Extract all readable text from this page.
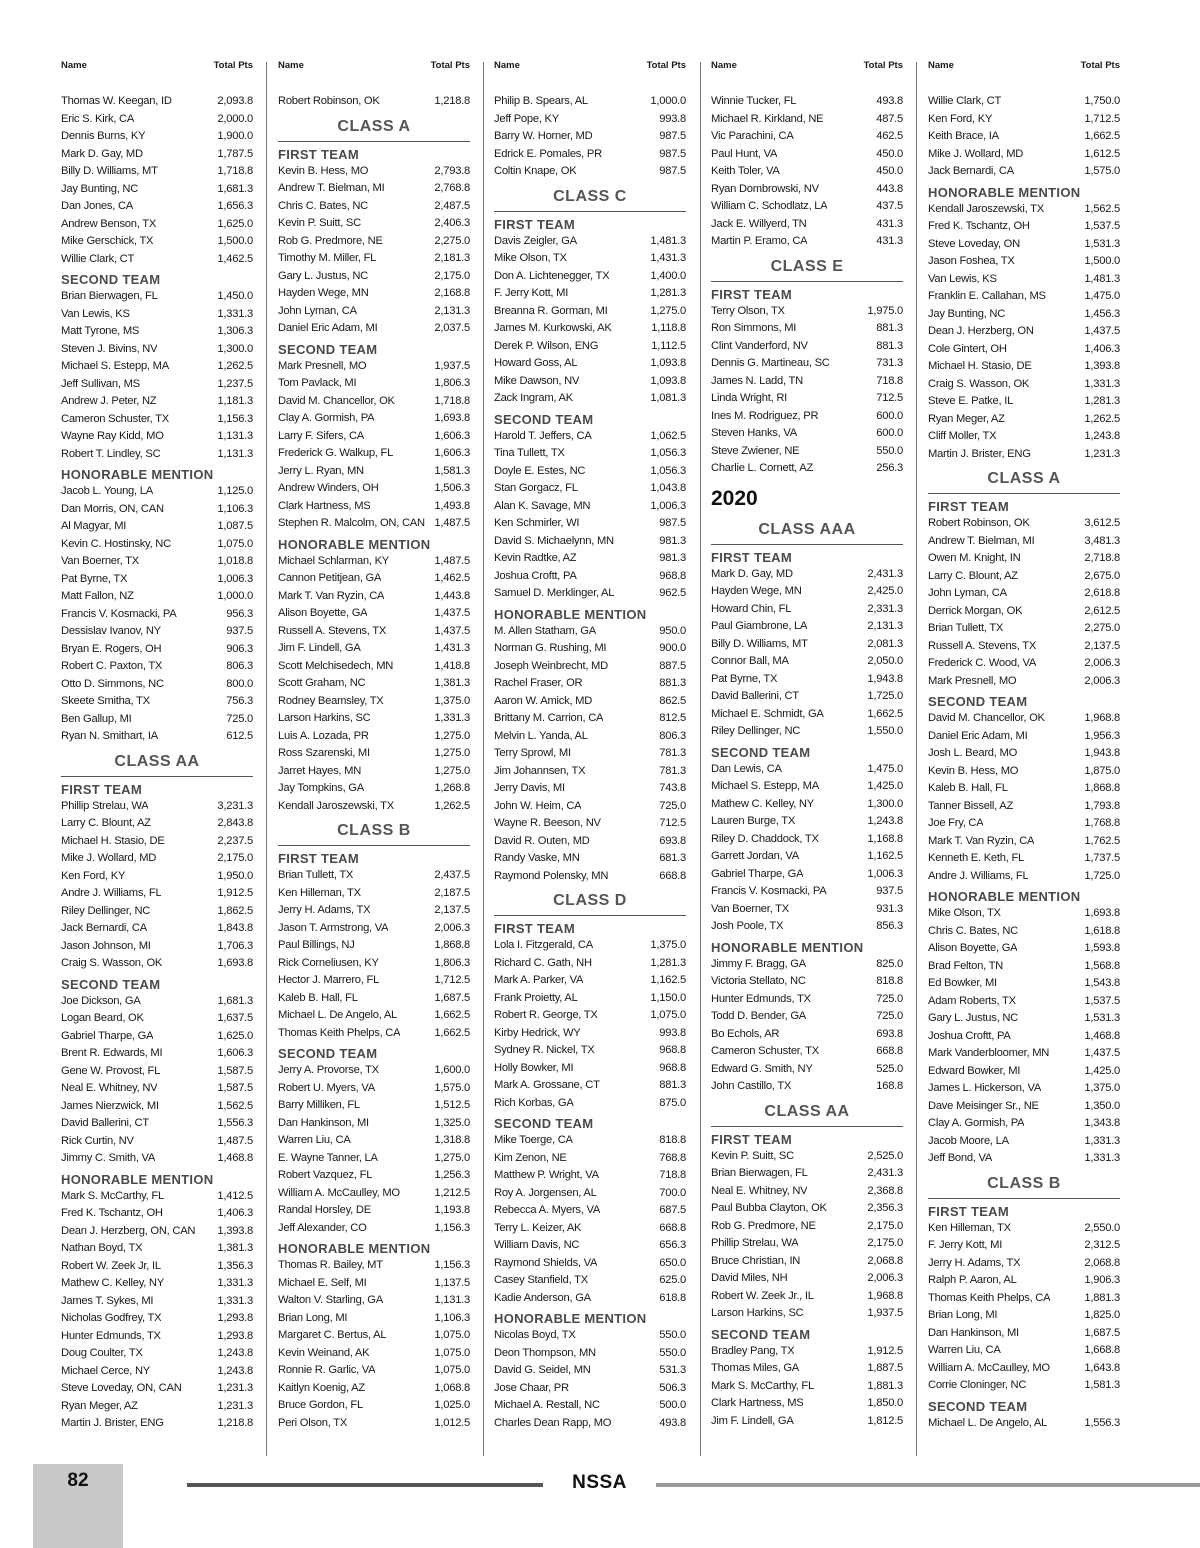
Name	Total Pts
Thomas W. Keegan, ID	2,093.8
Eric S. Kirk, CA	2,000.0
Dennis Burns, KY	1,900.0
Mark D. Gay, MD	1,787.5
Billy D. Williams, MT	1,718.8
Jay Bunting, NC	1,681.3
Dan Jones, CA	1,656.3
Andrew Benson, TX	1,625.0
Mike Gerschick, TX	1,500.0
Willie Clark, CT	1,462.5
SECOND TEAM
Brian Bierwagen, FL	1,450.0
Van Lewis, KS	1,331.3
Matt Tyrone, MS	1,306.3
Steven J. Bivins, NV	1,300.0
Michael S. Estepp, MA	1,262.5
Jeff Sullivan, MS	1,237.5
Andrew J. Peter, NZ	1,181.3
Cameron Schuster, TX	1,156.3
Wayne Ray Kidd, MO	1,131.3
Robert T. Lindley, SC	1,131.3
HONORABLE MENTION
Jacob L. Young, LA	1,125.0
Dan Morris, ON, CAN	1,106.3
Al Magyar, MI	1,087.5
Kevin C. Hostinsky, NC	1,075.0
Van Boerner, TX	1,018.8
Pat Byrne, TX	1,006.3
Matt Fallon, NZ	1,000.0
Francis V. Kosmacki, PA	956.3
Dessislav Ivanov, NY	937.5
Bryan E. Rogers, OH	906.3
Robert C. Paxton, TX	806.3
Otto D. Simmons, NC	800.0
Skeete Smitha, TX	756.3
Ben Gallup, MI	725.0
Ryan N. Smithart, IA	612.5
CLASS AA
FIRST TEAM
Phillip Strelau, WA	3,231.3
Larry C. Blount, AZ	2,843.8
Michael H. Stasio, DE	2,237.5
Mike J. Wollard, MD	2,175.0
Ken Ford, KY	1,950.0
Andre J. Williams, FL	1,912.5
Riley Dellinger, NC	1,862.5
Jack Bernardi, CA	1,843.8
Jason Johnson, MI	1,706.3
Craig S. Wasson, OK	1,693.8
SECOND TEAM
Joe Dickson, GA	1,681.3
Logan Beard, OK	1,637.5
Gabriel Tharpe, GA	1,625.0
Brent R. Edwards, MI	1,606.3
Gene W. Provost, FL	1,587.5
Neal E. Whitney, NV	1,587.5
James Nierzwick, MI	1,562.5
David Ballerini, CT	1,556.3
Rick Curtin, NV	1,487.5
Jimmy C. Smith, VA	1,468.8
HONORABLE MENTION
Mark S. McCarthy, FL	1,412.5
Fred K. Tschantz, OH	1,406.3
Dean J. Herzberg, ON, CAN 1,393.8
Nathan Boyd, TX	1,381.3
Robert W. Zeek Jr, IL	1,356.3
Mathew C. Kelley, NY	1,331.3
James T. Sykes, MI	1,331.3
Nicholas Godfrey, TX	1,293.8
Hunter Edmunds, TX	1,293.8
Doug Coulter, TX	1,243.8
Michael Cerce, NY	1,243.8
Steve Loveday, ON, CAN	1,231.3
Ryan Meger, AZ	1,231.3
Martin J. Brister, ENG	1,218.8
Name	Total Pts
Robert Robinson, OK	1,218.8
CLASS A
FIRST TEAM
Kevin B. Hess, MO	2,793.8
Andrew T. Bielman, MI	2,768.8
Chris C. Bates, NC	2,487.5
Kevin P. Suitt, SC	2,406.3
Rob G. Predmore, NE	2,275.0
Timothy M. Miller, FL	2,181.3
Gary L. Justus, NC	2,175.0
Hayden Wege, MN	2,168.8
John Lyman, CA	2,131.3
Daniel Eric Adam, MI	2,037.5
SECOND TEAM
Mark Presnell, MO	1,937.5
Tom Pavlack, MI	1,806.3
David M. Chancellor, OK	1,718.8
Clay A. Gormish, PA	1,693.8
Larry F. Sifers, CA	1,606.3
Frederick G. Walkup, FL	1,606.3
Jerry L. Ryan, MN	1,581.3
Andrew Winders, OH	1,506.3
Clark Hartness, MS	1,493.8
Stephen R. Malcolm, ON, CAN 1,487.5
HONORABLE MENTION
Michael Schlarman, KY	1,487.5
Cannon Petitjean, GA	1,462.5
Mark T. Van Ryzin, CA	1,443.8
Alison Boyette, GA	1,437.5
Russell A. Stevens, TX	1,437.5
Jim F. Lindell, GA	1,431.3
Scott Melchisedech, MN	1,418.8
Scott Graham, NC	1,381.3
Rodney Beamsley, TX	1,375.0
Larson Harkins, SC	1,331.3
Luis A. Lozada, PR	1,275.0
Ross Szarenski, MI	1,275.0
Jarret Hayes, MN	1,275.0
Jay Tompkins, GA	1,268.8
Kendall Jaroszewski, TX	1,262.5
CLASS B
FIRST TEAM
Brian Tullett, TX	2,437.5
Ken Hilleman, TX	2,187.5
Jerry H. Adams, TX	2,137.5
Jason T. Armstrong, VA	2,006.3
Paul Billings, NJ	1,868.8
Rick Corneliusen, KY	1,806.3
Hector J. Marrero, FL	1,712.5
Kaleb B. Hall, FL	1,687.5
Michael L. De Angelo, AL	1,662.5
Thomas Keith Phelps, CA	1,662.5
SECOND TEAM
Jerry A. Provorse, TX	1,600.0
Robert U. Myers, VA	1,575.0
Barry Milliken, FL	1,512.5
Dan Hankinson, MI	1,325.0
Warren Liu, CA	1,318.8
E. Wayne Tanner, LA	1,275.0
Robert Vazquez, FL	1,256.3
William A. McCaulley, MO	1,212.5
Randal Horsley, DE	1,193.8
Jeff Alexander, CO	1,156.3
HONORABLE MENTION
Thomas R. Bailey, MT	1,156.3
Michael E. Self, MI	1,137.5
Walton V. Starling, GA	1,131.3
Brian Long, MI	1,106.3
Margaret C. Bertus, AL	1,075.0
Kevin Weinand, AK	1,075.0
Ronnie R. Garlic, VA	1,075.0
Kaitlyn Koenig, AZ	1,068.8
Bruce Gordon, FL	1,025.0
Peri Olson, TX	1,012.5
Name	Total Pts
Philip B. Spears, AL	1,000.0
Jeff Pope, KY	993.8
Barry W. Horner, MD	987.5
Edrick E. Pomales, PR	987.5
Coltin Knape, OK	987.5
CLASS C
FIRST TEAM
Davis Zeigler, GA	1,481.3
Mike Olson, TX	1,431.3
Don A. Lichtenegger, TX	1,400.0
F. Jerry Kott, MI	1,281.3
Breanna R. Gorman, MI	1,275.0
James M. Kurkowski, AK	1,118.8
Derek P. Wilson, ENG	1,112.5
Howard Goss, AL	1,093.8
Mike Dawson, NV	1,093.8
Zack Ingram, AK	1,081.3
SECOND TEAM
Harold T. Jeffers, CA	1,062.5
Tina Tullett, TX	1,056.3
Doyle E. Estes, NC	1,056.3
Stan Gorgacz, FL	1,043.8
Alan K. Savage, MN	1,006.3
Ken Schmirler, WI	987.5
David S. Michaelynn, MN	981.3
Kevin Radtke, AZ	981.3
Joshua Croftt, PA	968.8
Samuel D. Merklinger, AL	962.5
HONORABLE MENTION
M. Allen Statham, GA	950.0
Norman G. Rushing, MI	900.0
Joseph Weinbrecht, MD	887.5
Rachel Fraser, OR	881.3
Aaron W. Amick, MD	862.5
Brittany M. Carrion, CA	812.5
Melvin L. Yanda, AL	806.3
Terry Sprowl, MI	781.3
Jim Johannsen, TX	781.3
Jerry Davis, MI	743.8
John W. Heim, CA	725.0
Wayne R. Beeson, NV	712.5
David R. Outen, MD	693.8
Randy Vaske, MN	681.3
Raymond Polensky, MN	668.8
CLASS D
FIRST TEAM
Lola I. Fitzgerald, CA	1,375.0
Richard C. Gath, NH	1,281.3
Mark A. Parker, VA	1,162.5
Frank Proietty, AL	1,150.0
Robert R. George, TX	1,075.0
Kirby Hedrick, WY	993.8
Sydney R. Nickel, TX	968.8
Holly Bowker, MI	968.8
Mark A. Grossane, CT	881.3
Rich Korbas, GA	875.0
SECOND TEAM
Mike Toerge, CA	818.8
Kim Zenon, NE	768.8
Matthew P. Wright, VA	718.8
Roy A. Jorgensen, AL	700.0
Rebecca A. Myers, VA	687.5
Terry L. Keizer, AK	668.8
William Davis, NC	656.3
Raymond Shields, VA	650.0
Casey Stanfield, TX	625.0
Kadie Anderson, GA	618.8
HONORABLE MENTION
Nicolas Boyd, TX	550.0
Deon Thompson, MN	550.0
David G. Seidel, MN	531.3
Jose Chaar, PR	506.3
Michael A. Restall, NC	500.0
Charles Dean Rapp, MO	493.8
Name	Total Pts
Winnie Tucker, FL	493.8
Michael R. Kirkland, NE	487.5
Vic Parachini, CA	462.5
Paul Hunt, VA	450.0
Keith Toler, VA	450.0
Ryan Dombrowski, NV	443.8
William C. Schodlatz, LA	437.5
Jack E. Willyerd, TN	431.3
Martin P. Eramo, CA	431.3
CLASS E
FIRST TEAM
Terry Olson, TX	1,975.0
Ron Simmons, MI	881.3
Clint Vanderford, NV	881.3
Dennis G. Martineau, SC	731.3
James N. Ladd, TN	718.8
Linda Wright, RI	712.5
Ines M. Rodriguez, PR	600.0
Steven Hanks, VA	600.0
Steve Zwiener, NE	550.0
Charlie L. Cornett, AZ	256.3
2020
CLASS AAA
FIRST TEAM
Mark D. Gay, MD	2,431.3
Hayden Wege, MN	2,425.0
Howard Chin, FL	2,331.3
Paul Giambrone, LA	2,131.3
Billy D. Williams, MT	2,081.3
Connor Ball, MA	2,050.0
Pat Byrne, TX	1,943.8
David Ballerini, CT	1,725.0
Michael E. Schmidt, GA	1,662.5
Riley Dellinger, NC	1,550.0
SECOND TEAM
Dan Lewis, CA	1,475.0
Michael S. Estepp, MA	1,425.0
Mathew C. Kelley, NY	1,300.0
Lauren Burge, TX	1,243.8
Riley D. Chaddock, TX	1,168.8
Garrett Jordan, VA	1,162.5
Gabriel Tharpe, GA	1,006.3
Francis V. Kosmacki, PA	937.5
Van Boerner, TX	931.3
Josh Poole, TX	856.3
HONORABLE MENTION
Jimmy F. Bragg, GA	825.0
Victoria Stellato, NC	818.8
Hunter Edmunds, TX	725.0
Todd D. Bender, GA	725.0
Bo Echols, AR	693.8
Cameron Schuster, TX	668.8
Edward G. Smith, NY	525.0
John Castillo, TX	168.8
CLASS AA
FIRST TEAM
Kevin P. Suitt, SC	2,525.0
Brian Bierwagen, FL	2,431.3
Neal E. Whitney, NV	2,368.8
Paul Bubba Clayton, OK	2,356.3
Rob G. Predmore, NE	2,175.0
Phillip Strelau, WA	2,175.0
Bruce Christian, IN	2,068.8
David Miles, NH	2,006.3
Robert W. Zeek Jr., IL	1,968.8
Larson Harkins, SC	1,937.5
SECOND TEAM
Bradley Pang, TX	1,912.5
Thomas Miles, GA	1,887.5
Mark S. McCarthy, FL	1,881.3
Clark Hartness, MS	1,850.0
Jim F. Lindell, GA	1,812.5
Name	Total Pts
Willie Clark, CT	1,750.0
Ken Ford, KY	1,712.5
Keith Brace, IA	1,662.5
Mike J. Wollard, MD	1,612.5
Jack Bernardi, CA	1,575.0
HONORABLE MENTION
Kendall Jaroszewski, TX	1,562.5
Fred K. Tschantz, OH	1,537.5
Steve Loveday, ON	1,531.3
Jason Foshea, TX	1,500.0
Van Lewis, KS	1,481.3
Franklin E. Callahan, MS	1,475.0
Jay Bunting, NC	1,456.3
Dean J. Herzberg, ON	1,437.5
Cole Gintert, OH	1,406.3
Michael H. Stasio, DE	1,393.8
Craig S. Wasson, OK	1,331.3
Steve E. Patke, IL	1,281.3
Ryan Meger, AZ	1,262.5
Cliff Moller, TX	1,243.8
Martin J. Brister, ENG	1,231.3
CLASS A
FIRST TEAM
Robert Robinson, OK	3,612.5
Andrew T. Bielman, MI	3,481.3
Owen M. Knight, IN	2,718.8
Larry C. Blount, AZ	2,675.0
John Lyman, CA	2,618.8
Derrick Morgan, OK	2,612.5
Brian Tullett, TX	2,275.0
Russell A. Stevens, TX	2,137.5
Frederick C. Wood, VA	2,006.3
Mark Presnell, MO	2,006.3
SECOND TEAM
David M. Chancellor, OK	1,968.8
Daniel Eric Adam, MI	1,956.3
Josh L. Beard, MO	1,943.8
Kevin B. Hess, MO	1,875.0
Kaleb B. Hall, FL	1,868.8
Tanner Bissell, AZ	1,793.8
Joe Fry, CA	1,768.8
Mark T. Van Ryzin, CA	1,762.5
Kenneth E. Keth, FL	1,737.5
Andre J. Williams, FL	1,725.0
HONORABLE MENTION
Mike Olson, TX	1,693.8
Chris C. Bates, NC	1,618.8
Alison Boyette, GA	1,593.8
Brad Felton, TN	1,568.8
Ed Bowker, MI	1,543.8
Adam Roberts, TX	1,537.5
Gary L. Justus, NC	1,531.3
Joshua Croftt, PA	1,468.8
Mark Vanderbloomer, MN	1,437.5
Edward Bowker, MI	1,425.0
James L. Hickerson, VA	1,375.0
Dave Meisinger Sr., NE	1,350.0
Clay A. Gormish, PA	1,343.8
Jacob Moore, LA	1,331.3
Jeff Bond, VA	1,331.3
CLASS B
FIRST TEAM
Ken Hilleman, TX	2,550.0
F. Jerry Kott, MI	2,312.5
Jerry H. Adams, TX	2,068.8
Ralph P. Aaron, AL	1,906.3
Thomas Keith Phelps, CA	1,881.3
Brian Long, MI	1,825.0
Dan Hankinson, MI	1,687.5
Warren Liu, CA	1,668.8
William A. McCaulley, MO	1,643.8
Corrie Cloninger, NC	1,581.3
SECOND TEAM
Michael L. De Angelo, AL	1,556.3
82	NSSA
